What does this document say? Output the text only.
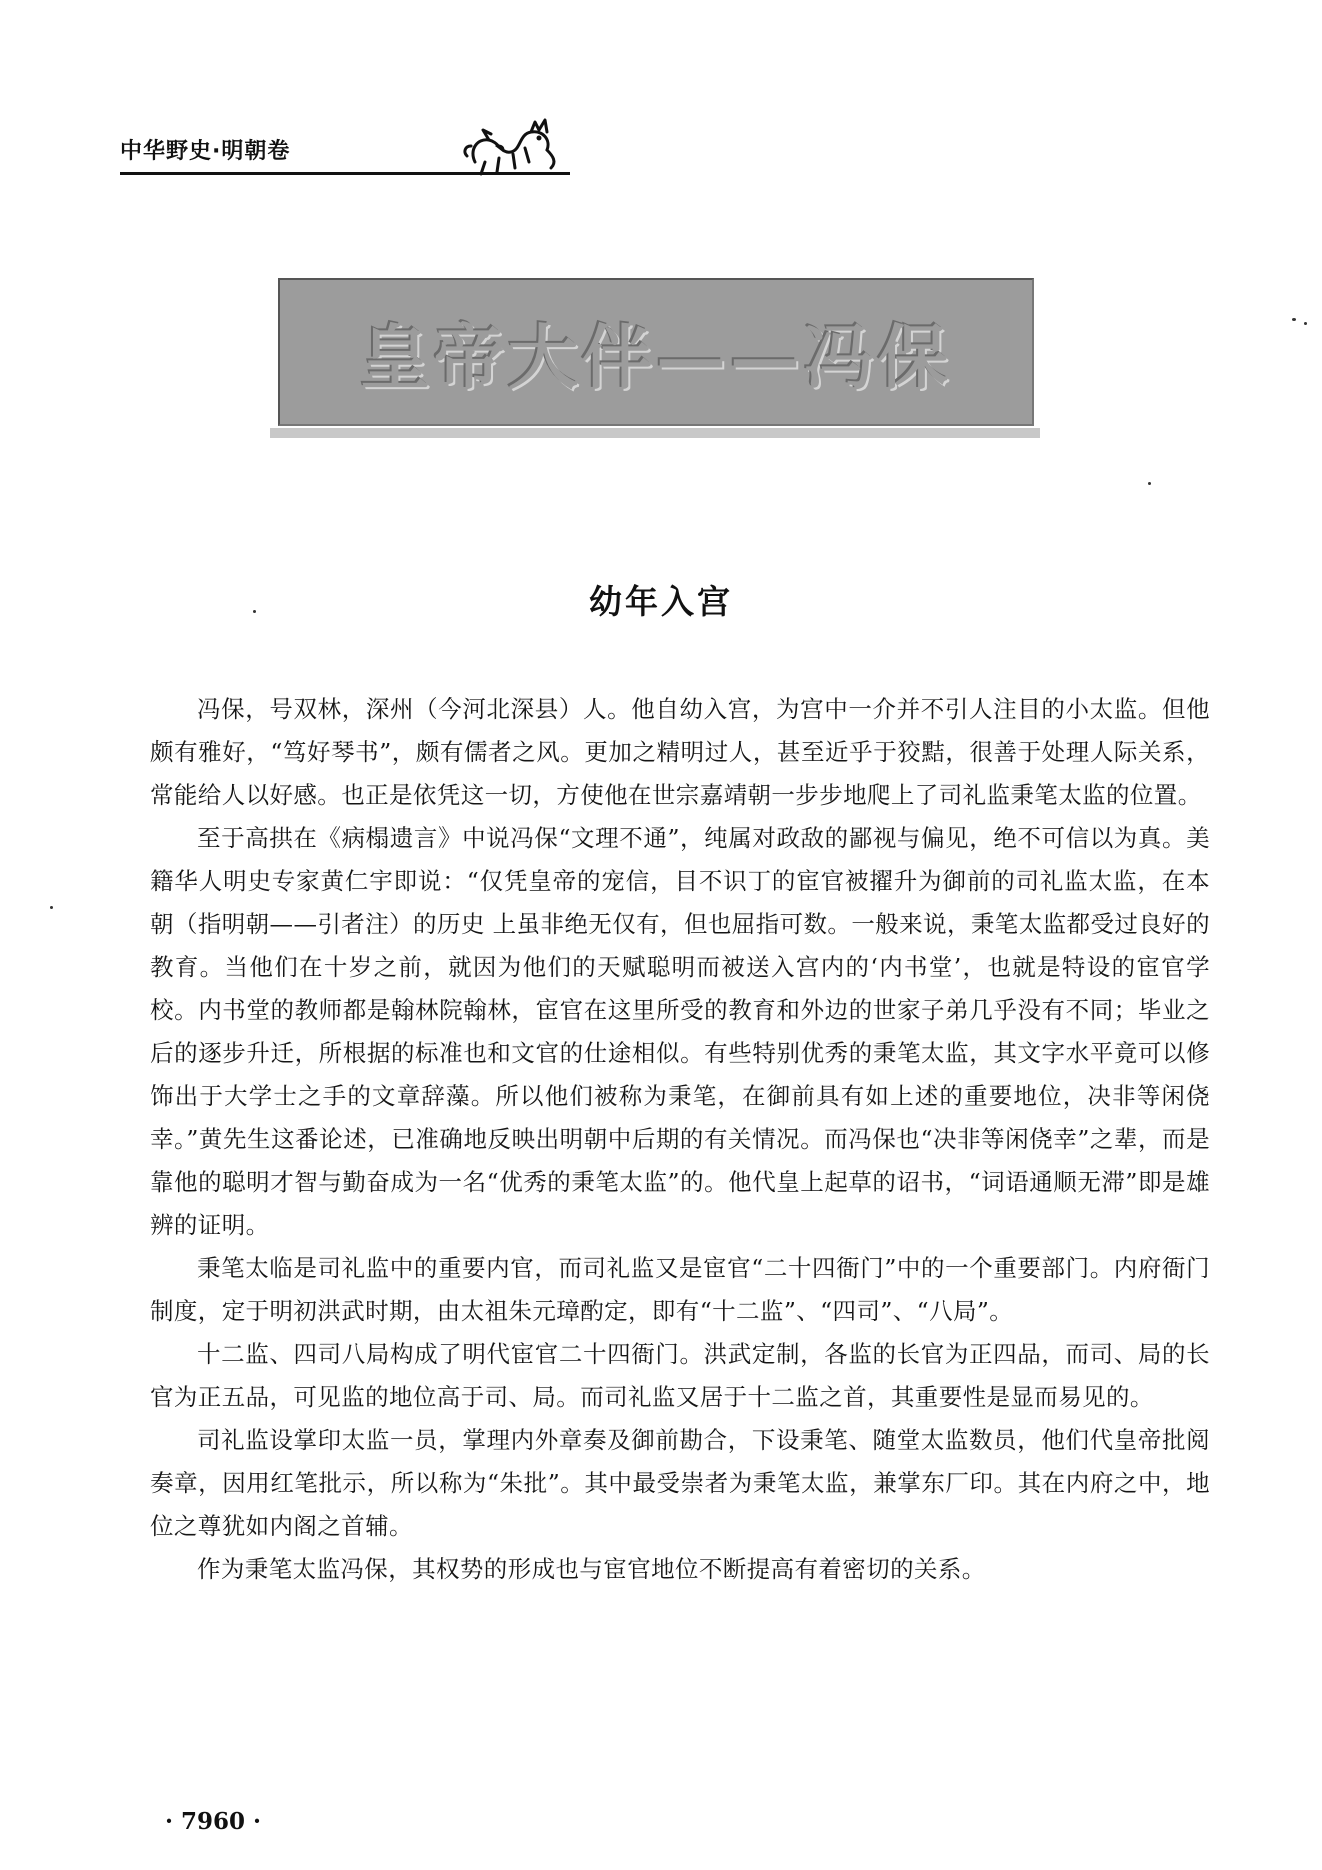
中华野史·明朝卷
皇帝大伴——冯保
幼年入宫

冯保，号双林，深州（今河北深县）人。他自幼入宫，为宫中一介并不引人注目的小太监。但他颇有雅好，“笃好琴书”，颇有儒者之风。更加之精明过人，甚至近乎于狡黠，很善于处理人际关系，常能给人以好感。也正是依凭这一切，方使他在世宗嘉靖朝一步步地爬上了司礼监秉笔太监的位置。

至于高拱在《病榻遗言》中说冯保“文理不通”，纯属对政敌的鄙视与偏见，绝不可信以为真。美籍华人明史专家黄仁宇即说：“仅凭皇帝的宠信，目不识丁的宦官被擢升为御前的司礼监太监，在本朝（指明朝——引者注）的历史 上虽非绝无仅有，但也屈指可数。一般来说，秉笔太监都受过良好的教育。当他们在十岁之前，就因为他们的天赋聪明而被送入宫内的‘内书堂’，也就是特设的宦官学校。内书堂的教师都是翰林院翰林，宦官在这里所受的教育和外边的世家子弟几乎没有不同；毕业之后的逐步升迁，所根据的标准也和文官的仕途相似。有些特别优秀的秉笔太监，其文字水平竟可以修饰出于大学士之手的文章辞藻。所以他们被称为秉笔，在御前具有如上述的重要地位，决非等闲侥幸。”黄先生这番论述，已准确地反映出明朝中后期的有关情况。而冯保也“决非等闲侥幸”之辈，而是靠他的聪明才智与勤奋成为一名“优秀的秉笔太监”的。他代皇上起草的诏书，“词语通顺无滞”即是雄辨的证明。

秉笔太临是司礼监中的重要内官，而司礼监又是宦官“二十四衙门”中的一个重要部门。内府衙门制度，定于明初洪武时期，由太祖朱元璋酌定，即有“十二监”、“四司”、“八局”。

十二监、四司八局构成了明代宦官二十四衙门。洪武定制，各监的长官为正四品，而司、局的长官为正五品，可见监的地位高于司、局。而司礼监又居于十二监之首，其重要性是显而易见的。

司礼监设掌印太监一员，掌理内外章奏及御前勘合，下设秉笔、随堂太监数员，他们代皇帝批阅奏章，因用红笔批示，所以称为“朱批”。其中最受崇者为秉笔太监，兼掌东厂印。其在内府之中，地位之尊犹如内阁之首辅。

作为秉笔太监冯保，其权势的形成也与宦官地位不断提高有着密切的关系。

· 7960 ·
